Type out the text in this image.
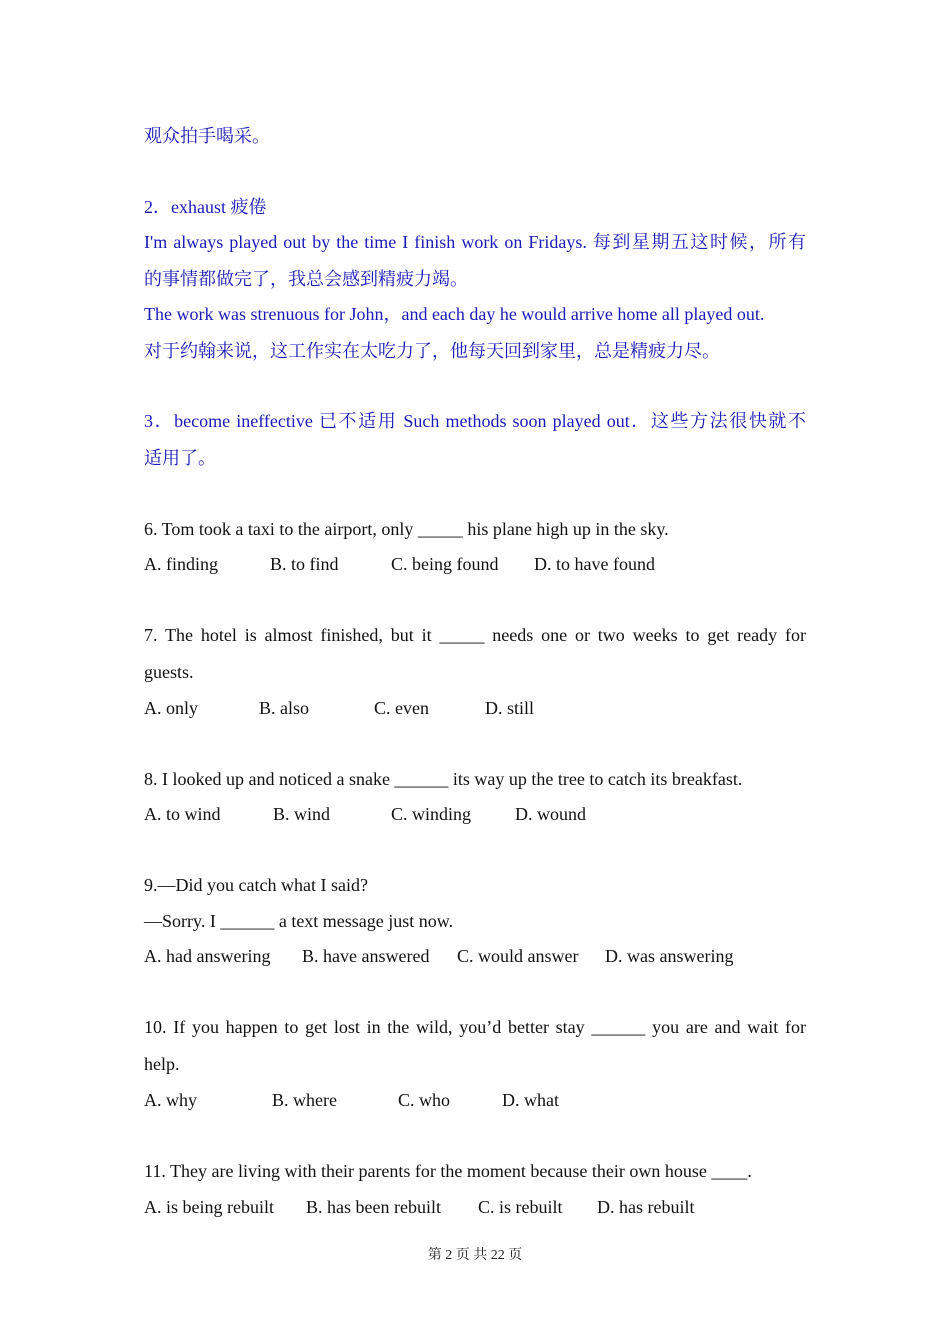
观众拍手喝采。
2．exhaust 疲倦
I'm always played out by the time I finish work on Fridays. 每到星期五这时候，所有
的事情都做完了，我总会感到精疲力竭。
The work was strenuous for John，and each day he would arrive home all played out.
对于约翰来说，这工作实在太吃力了，他每天回到家里，总是精疲力尽。
3．become ineffective 已不适用 Such methods soon played out．这些方法很快就不
适用了。
6. Tom took a taxi to the airport, only _____ his plane high up in the sky.
A. finding	B. to find	C. being found D. to have found
7. The hotel is almost finished, but it _____ needs one or two weeks to get ready for
guests.
A. only	B. also	C. even	D. still
8. I looked up and noticed a snake ______ its way up the tree to catch its breakfast.
A. to wind	B. wind	C. winding D. wound
9.—Did you catch what I said?
—Sorry. I ______ a text message just now.
A. had answering B. have answered C. would answer D. was answering
10. If you happen to get lost in the wild, you’d better stay ______ you are and wait for
help.
A. why	B. where	C. who	D. what
11. They are living with their parents for the moment because their own house ____.
A. is being rebuilt B. has been rebuilt C. is rebuilt D. has rebuilt
第 2 页 共 22 页
